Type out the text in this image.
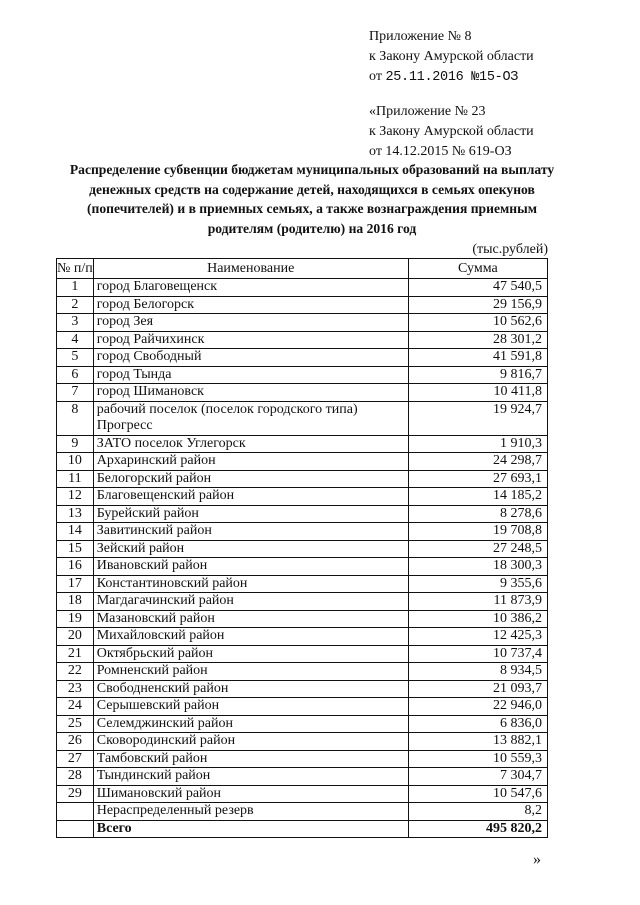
Приложение № 8
к Закону Амурской области
от 25.11.2016 №15-ОЗ
«Приложение № 23
к Закону Амурской области
от 14.12.2015 № 619-ОЗ
Распределение субвенции бюджетам муниципальных образований на выплату денежных средств на содержание детей, находящихся в семьях опекунов (попечителей) и в приемных семьях, а также вознаграждения приемным родителям (родителю) на 2016 год
(тыс.рублей)
№ п/п	Наименование	Сумма
1	город Благовещенск	47 540,5
2	город Белогорск	29 156,9
3	город Зея	10 562,6
4	город Райчихинск	28 301,2
5	город Свободный	41 591,8
6	город Тында	9 816,7
7	город Шимановск	10 411,8
8	рабочий поселок (поселок городского типа) Прогресс	19 924,7
9	ЗАТО поселок Углегорск	1 910,3
10	Архаринский район	24 298,7
11	Белогорский район	27 693,1
12	Благовещенский район	14 185,2
13	Бурейский район	8 278,6
14	Завитинский район	19 708,8
15	Зейский район	27 248,5
16	Ивановский район	18 300,3
17	Константиновский район	9 355,6
18	Магдагачинский район	11 873,9
19	Мазановский район	10 386,2
20	Михайловский район	12 425,3
21	Октябрьский район	10 737,4
22	Ромненский район	8 934,5
23	Свободненский район	21 093,7
24	Серышевский район	22 946,0
25	Селемджинский район	6 836,0
26	Сковородинский район	13 882,1
27	Тамбовский район	10 559,3
28	Тындинский район	7 304,7
29	Шимановский район	10 547,6
	Нераспределенный резерв	8,2
	Всего	495 820,2
»
